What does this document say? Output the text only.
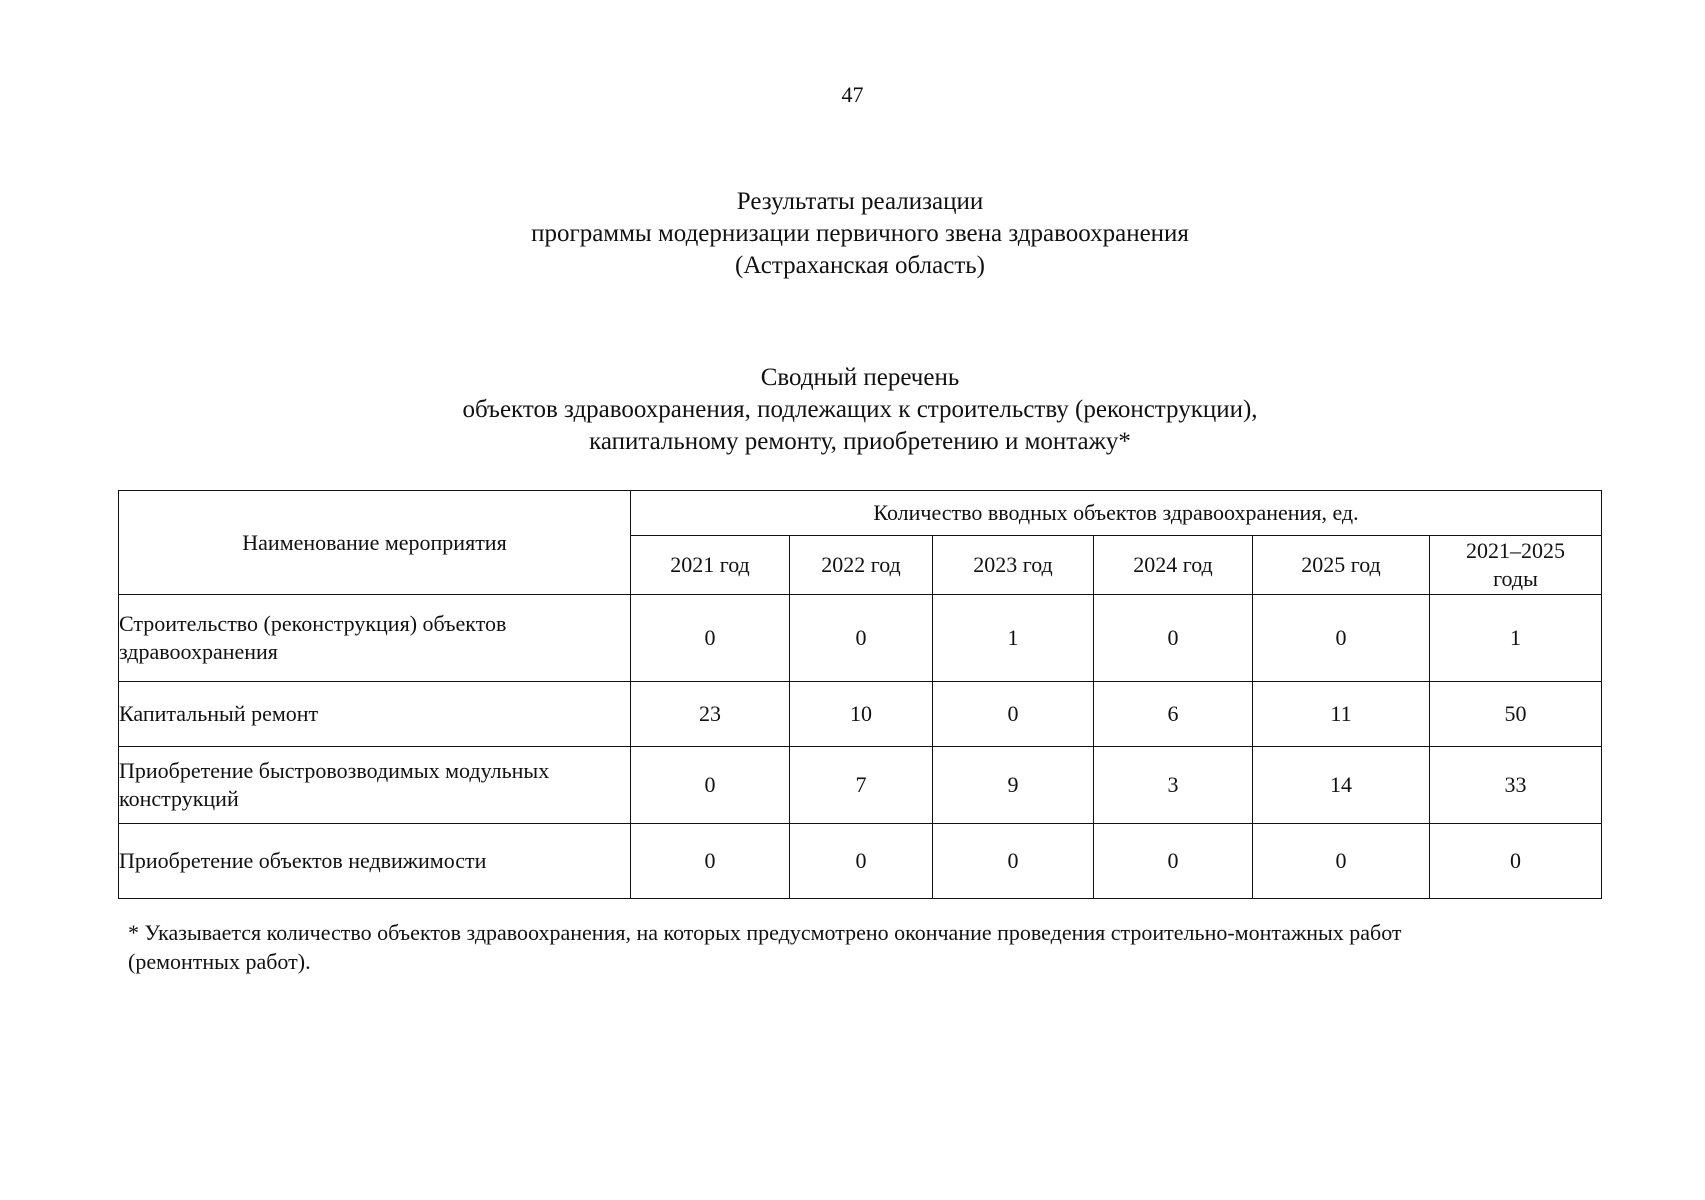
47
Результаты реализации
программы модернизации первичного звена здравоохранения
(Астраханская область)
Сводный перечень
объектов здравоохранения, подлежащих к строительству (реконструкции),
капитальному ремонту, приобретению и монтажу*
Наименование мероприятия	Количество вводных объектов здравоохранения, ед.					
	2021 год	2022 год	2023 год	2024 год	2025 год	2021–2025
годы
Строительство (реконструкция) объектов
здравоохранения	0	0	1	0	0	1
Капитальный ремонт	23	10	0	6	11	50
Приобретение быстровозводимых модульных
конструкций	0	7	9	3	14	33
Приобретение объектов недвижимости	0	0	0	0	0	0
* Указывается количество объектов здравоохранения, на которых предусмотрено окончание проведения строительно-монтажных работ
(ремонтных работ).
